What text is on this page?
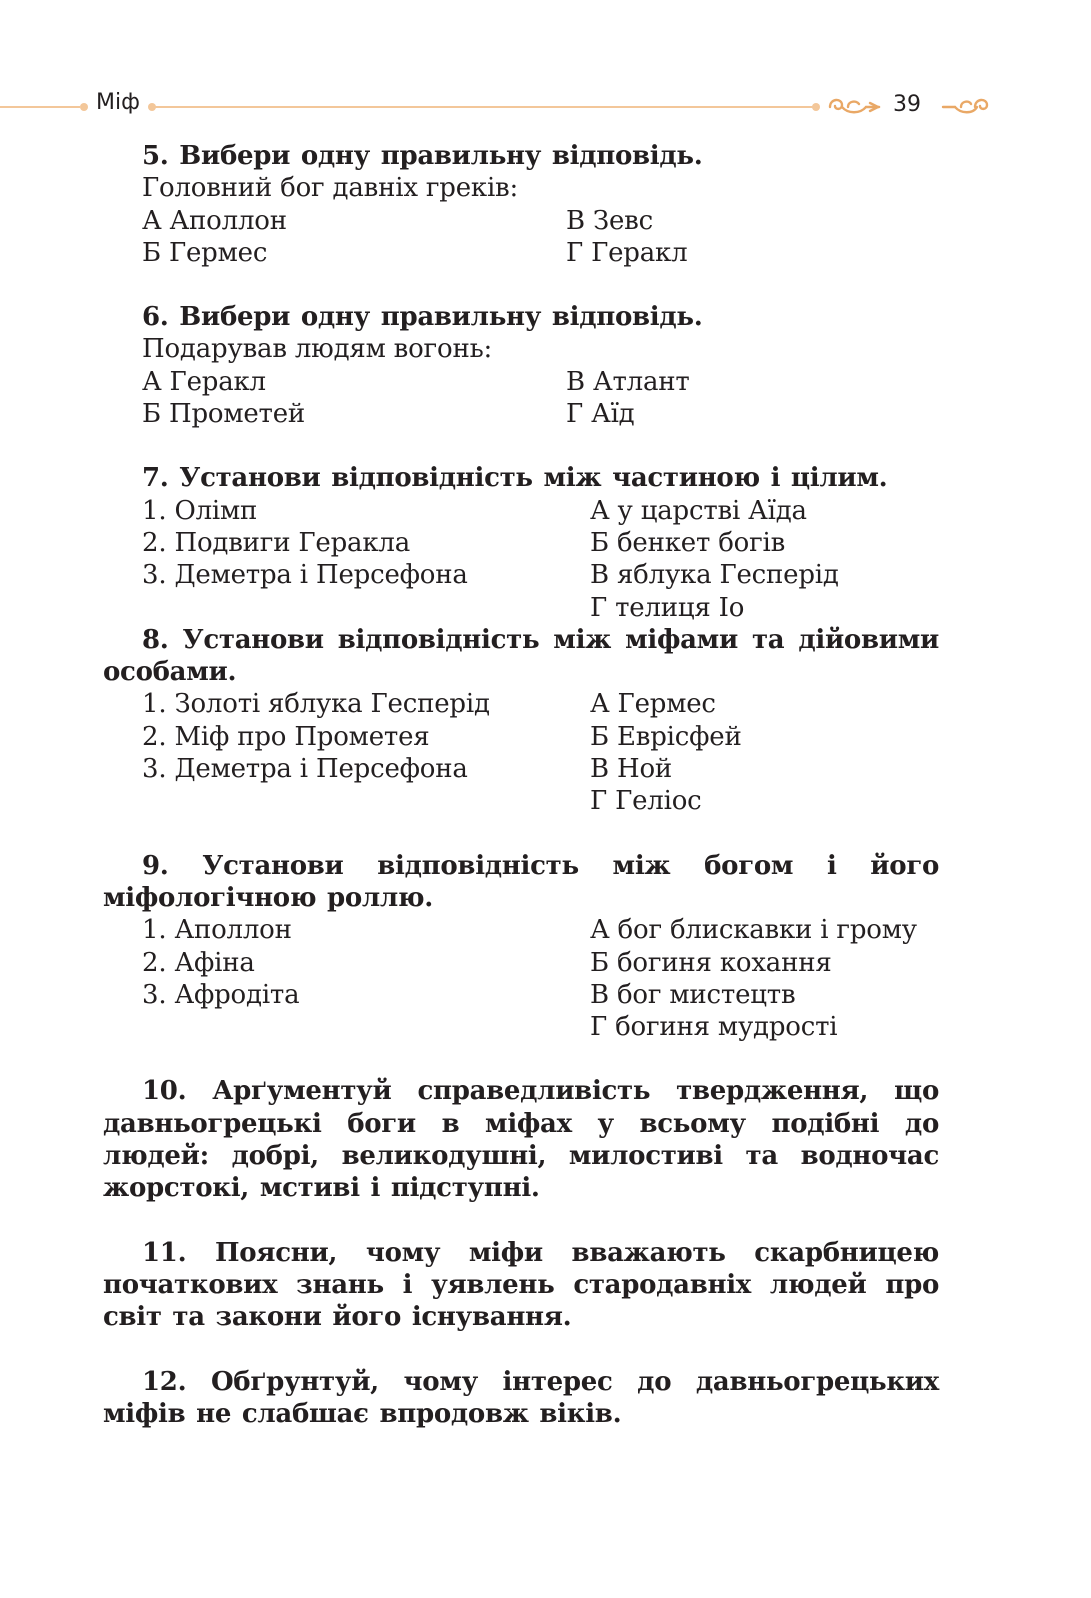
Міф	39
5. Вибери одну правильну відповідь.
Головний бог давніх греків:
А Аполлон	В Зевс
Б Гермес	Г Геракл
6. Вибери одну правильну відповідь.
Подарував людям вогонь:
А Геракл	В Атлант
Б Прометей	Г Аїд
7. Установи відповідність між частиною і цілим.
1. Олімп	А у царстві Аїда
2. Подвиги Геракла	Б бенкет богів
3. Деметра і Персефона	В яблука Гесперід
Г телиця Іо
8. Установи відповідність між міфами та дійовими особами.
1. Золоті яблука Гесперід	А Гермес
2. Міф про Прометея	Б Еврісфей
3. Деметра і Персефона	В Ной
Г Геліос
9. Установи відповідність між богом і його міфологічною роллю.
1. Аполлон	А бог блискавки і грому
2. Афіна	Б богиня кохання
3. Афродіта	В бог мистецтв
Г богиня мудрості
10. Арґументуй справедливість твердження, що давньогрецькі боги в міфах у всьому подібні до людей: добрі, великодушні, милостиві та водночас жорстокі, мстиві і підступні.
11. Поясни, чому міфи вважають скарбницею початкових знань і уявлень стародавніх людей про світ та закони його існування.
12. Обґрунтуй, чому інтерес до давньогрецьких міфів не слабшає впродовж віків.
